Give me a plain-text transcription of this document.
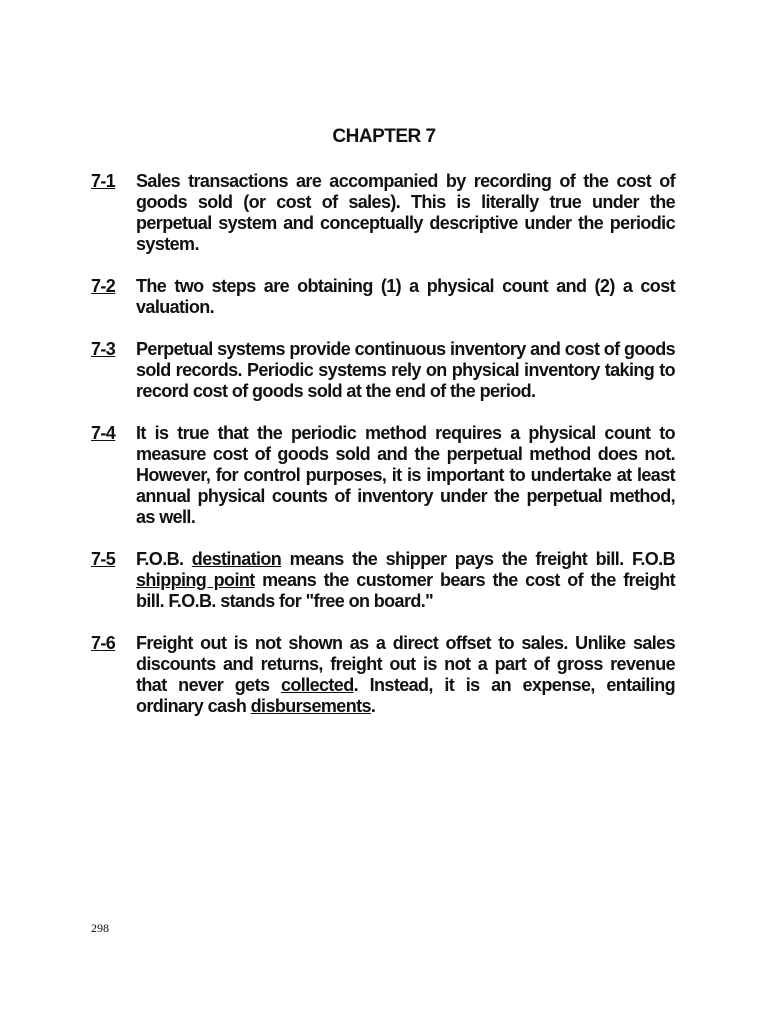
CHAPTER 7
7-1	Sales transactions are accompanied by recording of the cost of goods sold (or cost of sales). This is literally true under the perpetual system and conceptually descriptive under the periodic system.
7-2	The two steps are obtaining (1) a physical count and (2) a cost valuation.
7-3	Perpetual systems provide continuous inventory and cost of goods sold records. Periodic systems rely on physical inventory taking to record cost of goods sold at the end of the period.
7-4	It is true that the periodic method requires a physical count to measure cost of goods sold and the perpetual method does not. However, for control purposes, it is important to undertake at least annual physical counts of inventory under the perpetual method, as well.
7-5	F.O.B. destination means the shipper pays the freight bill. F.O.B shipping point means the customer bears the cost of the freight bill. F.O.B. stands for "free on board."
7-6	Freight out is not shown as a direct offset to sales. Unlike sales discounts and returns, freight out is not a part of gross revenue that never gets collected. Instead, it is an expense, entailing ordinary cash disbursements.
298
